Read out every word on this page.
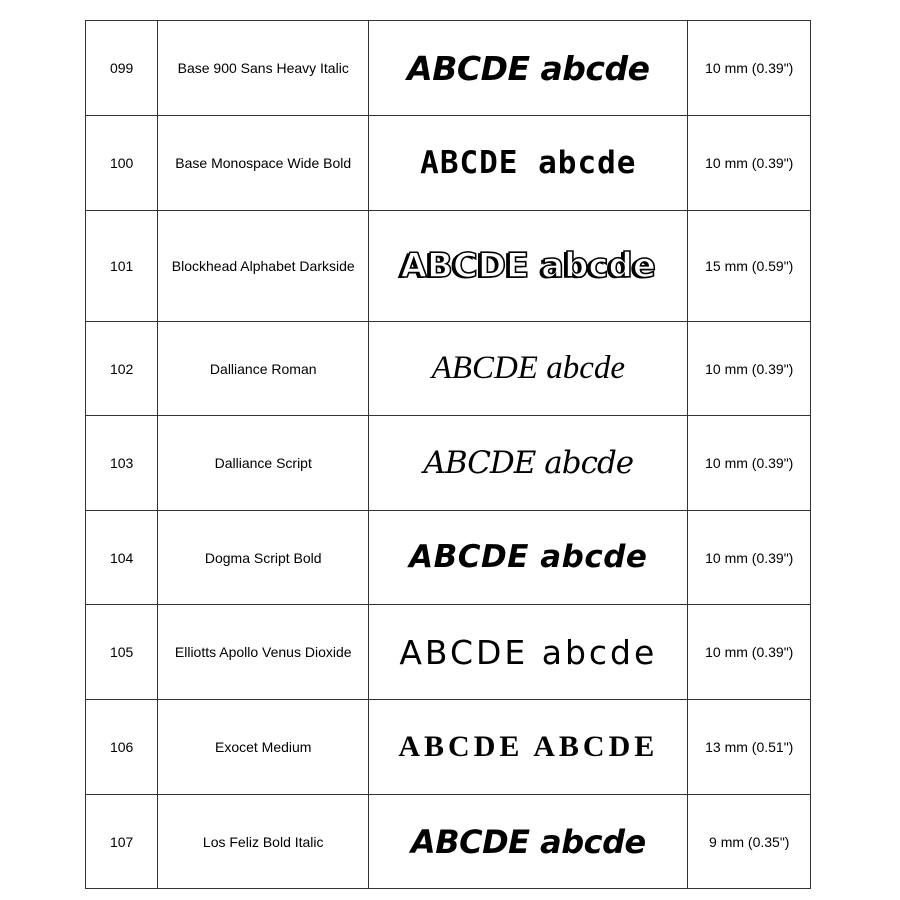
099	Base 900 Sans Heavy Italic	ABCDE abcde	10 mm (0.39")
100	Base Monospace Wide Bold	ABCDE abcde	10 mm (0.39")
101	Blockhead Alphabet Darkside	ABCDE abcde	15 mm (0.59")
102	Dalliance Roman	ABCDE abcde	10 mm (0.39")
103	Dalliance Script	ABCDE abcde	10 mm (0.39")
104	Dogma Script Bold	ABCDE abcde	10 mm (0.39")
105	Elliotts Apollo Venus Dioxide	ABCDE abcde	10 mm (0.39")
106	Exocet Medium	ABCDE ABCDE	13 mm (0.51")
107	Los Feliz Bold Italic	ABCDE abcde	9 mm (0.35")
